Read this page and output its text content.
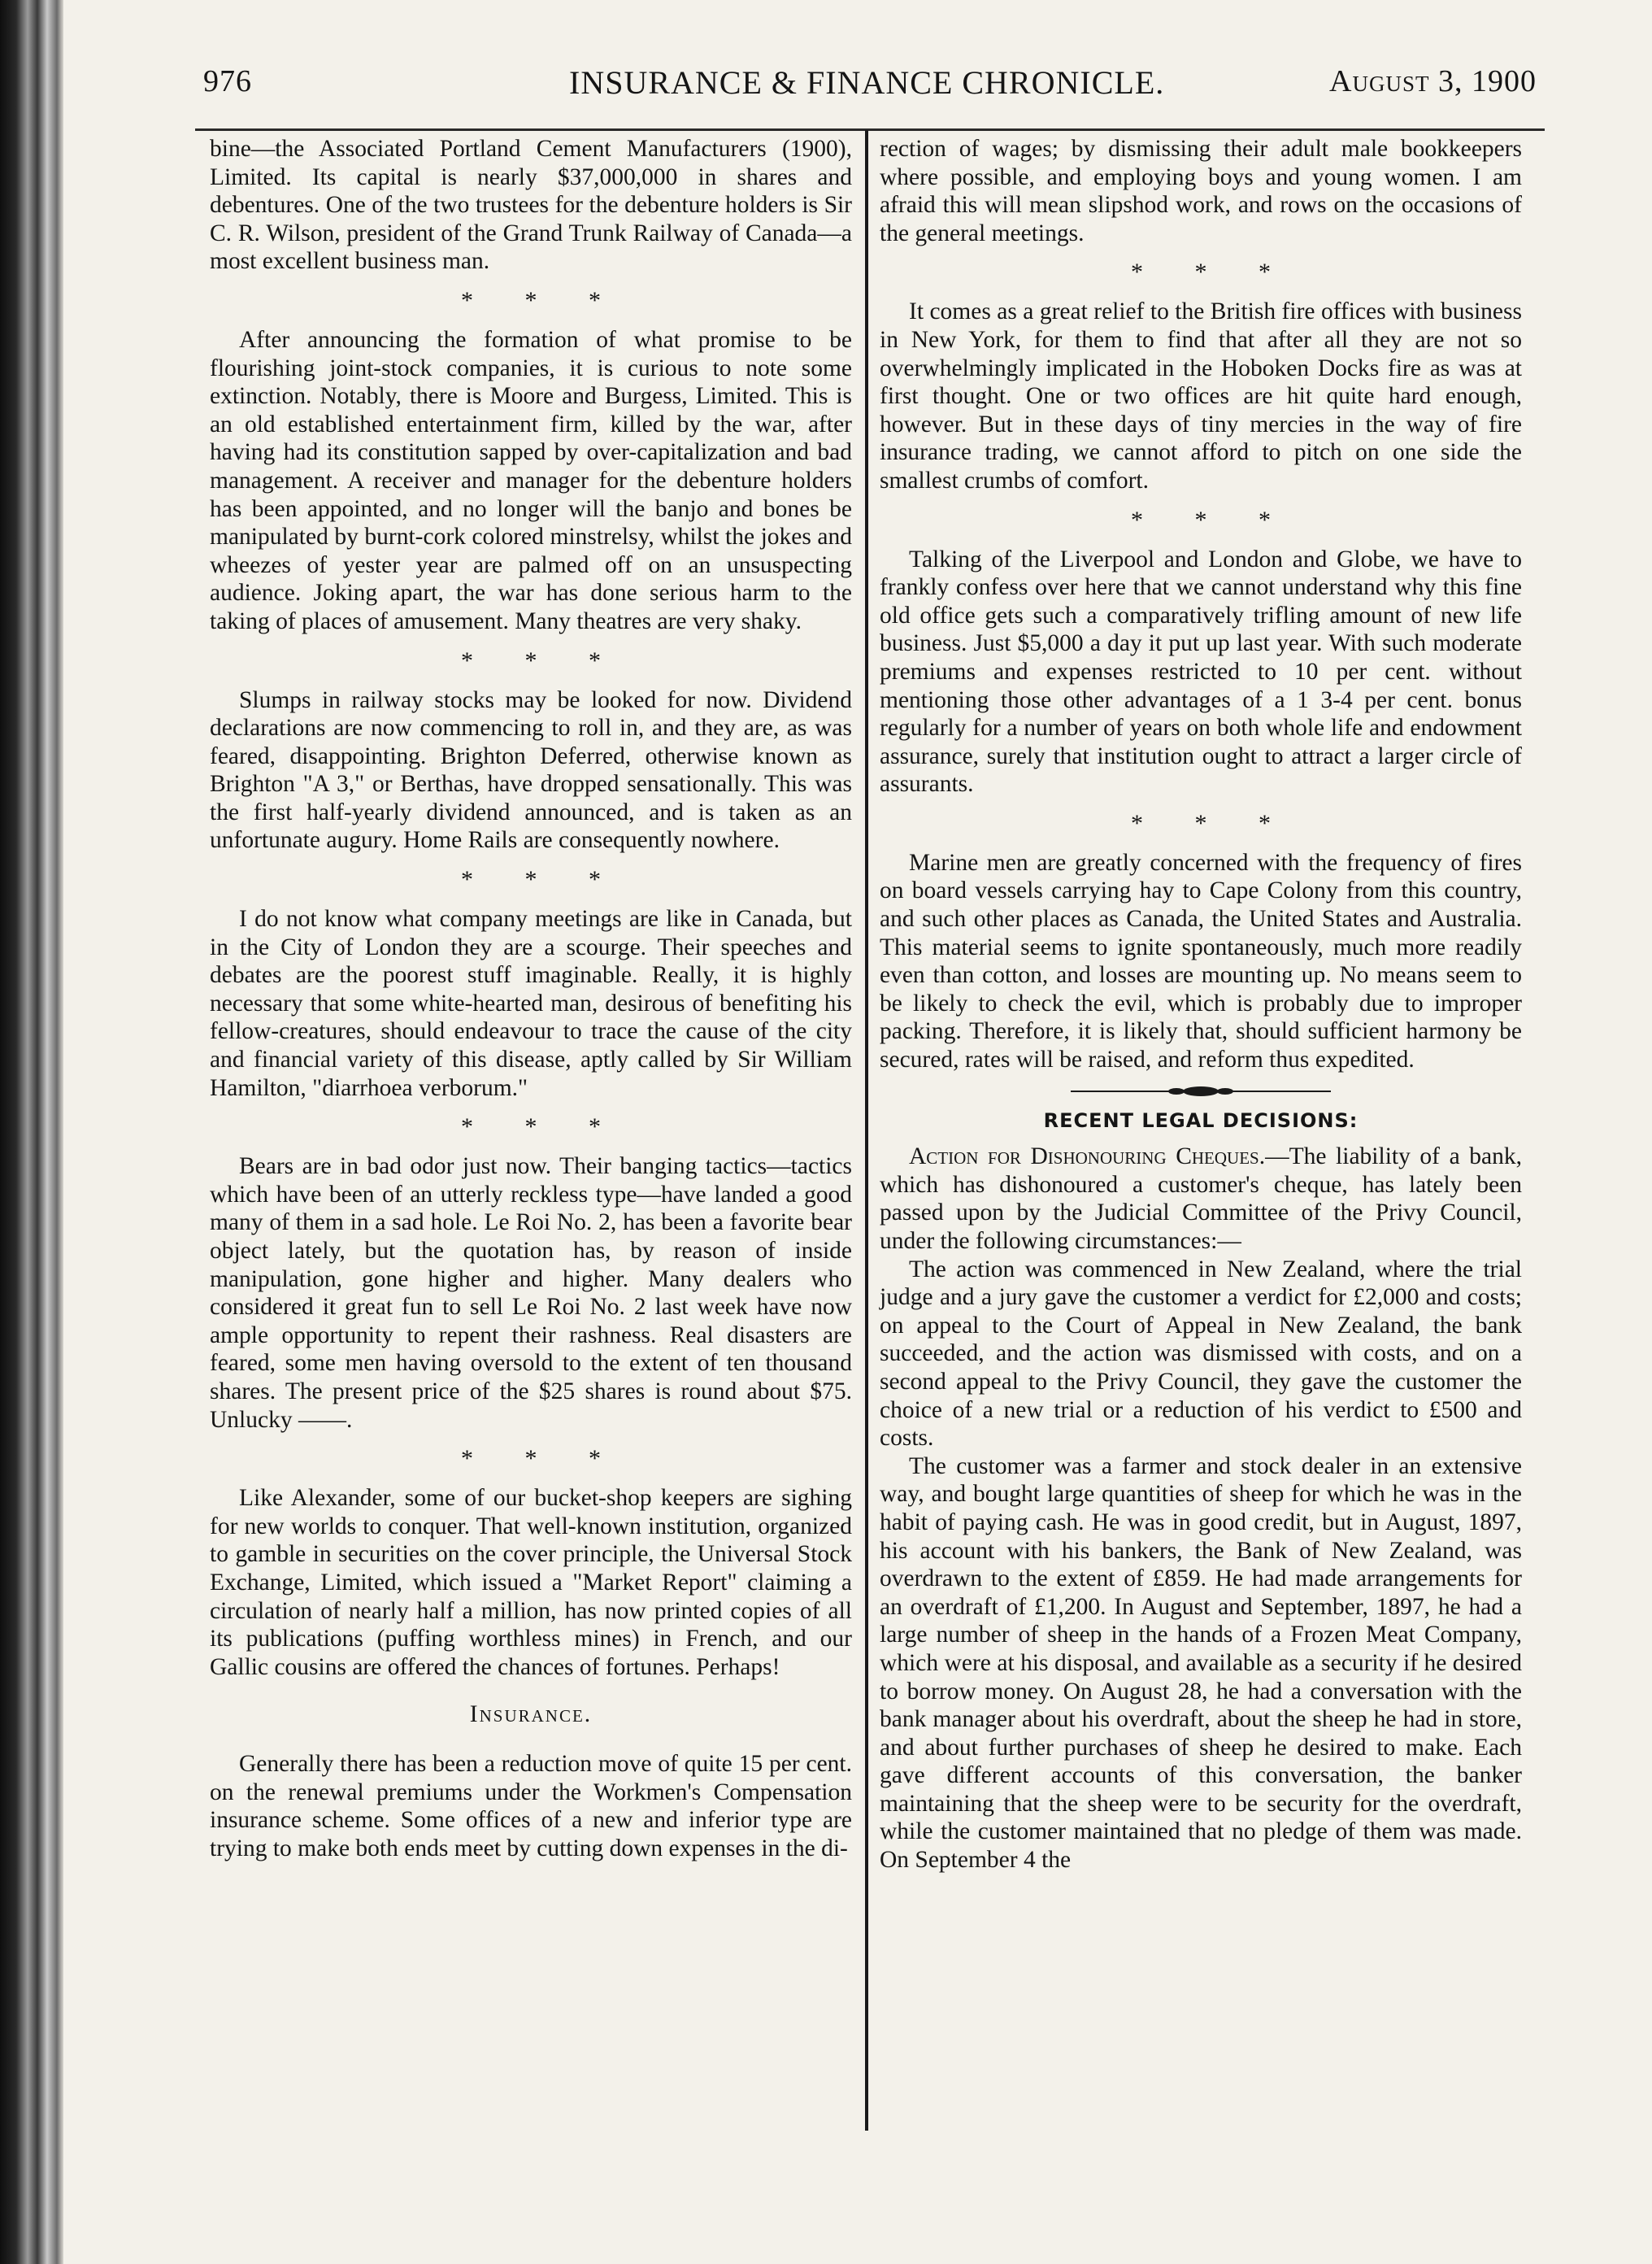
976	INSURANCE & FINANCE CHRONICLE.	August 3, 1900

bine—the Associated Portland Cement Manufacturers (1900), Limited. Its capital is nearly $37,000,000 in shares and debentures. One of the two trustees for the debenture holders is Sir C. R. Wilson, president of the Grand Trunk Railway of Canada—a most excellent business man.

* * *

After announcing the formation of what promise to be flourishing joint-stock companies, it is curious to note some extinction. Notably, there is Moore and Burgess, Limited. This is an old established entertainment firm, killed by the war, after having had its constitution sapped by over-capitalization and bad management. A receiver and manager for the debenture holders has been appointed, and no longer will the banjo and bones be manipulated by burnt-cork colored minstrelsy, whilst the jokes and wheezes of yester year are palmed off on an unsuspecting audience. Joking apart, the war has done serious harm to the taking of places of amusement. Many theatres are very shaky.

* * *

Slumps in railway stocks may be looked for now. Dividend declarations are now commencing to roll in, and they are, as was feared, disappointing. Brighton Deferred, otherwise known as Brighton "A 3," or Berthas, have dropped sensationally. This was the first half-yearly dividend announced, and is taken as an unfortunate augury. Home Rails are consequently nowhere.

* * *

I do not know what company meetings are like in Canada, but in the City of London they are a scourge. Their speeches and debates are the poorest stuff imaginable. Really, it is highly necessary that some white-hearted man, desirous of benefiting his fellow-creatures, should endeavour to trace the cause of the city and financial variety of this disease, aptly called by Sir William Hamilton, "diarrhoea verborum."

* * *

Bears are in bad odor just now. Their banging tactics—tactics which have been of an utterly reckless type—have landed a good many of them in a sad hole. Le Roi No. 2, has been a favorite bear object lately, but the quotation has, by reason of inside manipulation, gone higher and higher. Many dealers who considered it great fun to sell Le Roi No. 2 last week have now ample opportunity to repent their rashness. Real disasters are feared, some men having oversold to the extent of ten thousand shares. The present price of the $25 shares is round about $75. Unlucky ——.

* * *

Like Alexander, some of our bucket-shop keepers are sighing for new worlds to conquer. That well-known institution, organized to gamble in securities on the cover principle, the Universal Stock Exchange, Limited, which issued a "Market Report" claiming a circulation of nearly half a million, has now printed copies of all its publications (puffing worthless mines) in French, and our Gallic cousins are offered the chances of fortunes. Perhaps!

Insurance.

Generally there has been a reduction move of quite 15 per cent. on the renewal premiums under the Workmen's Compensation insurance scheme. Some offices of a new and inferior type are trying to make both ends meet by cutting down expenses in the di-

rection of wages; by dismissing their adult male bookkeepers where possible, and employing boys and young women. I am afraid this will mean slipshod work, and rows on the occasions of the general meetings.

* * *

It comes as a great relief to the British fire offices with business in New York, for them to find that after all they are not so overwhelmingly implicated in the Hoboken Docks fire as was at first thought. One or two offices are hit quite hard enough, however. But in these days of tiny mercies in the way of fire insurance trading, we cannot afford to pitch on one side the smallest crumbs of comfort.

* * *

Talking of the Liverpool and London and Globe, we have to frankly confess over here that we cannot understand why this fine old office gets such a comparatively trifling amount of new life business. Just $5,000 a day it put up last year. With such moderate premiums and expenses restricted to 10 per cent. without mentioning those other advantages of a 1 3-4 per cent. bonus regularly for a number of years on both whole life and endowment assurance, surely that institution ought to attract a larger circle of assurants.

* * *

Marine men are greatly concerned with the frequency of fires on board vessels carrying hay to Cape Colony from this country, and such other places as Canada, the United States and Australia. This material seems to ignite spontaneously, much more readily even than cotton, and losses are mounting up. No means seem to be likely to check the evil, which is probably due to improper packing. Therefore, it is likely that, should sufficient harmony be secured, rates will be raised, and reform thus expedited.

RECENT LEGAL DECISIONS:

Action for Dishonouring Cheques.—The liability of a bank, which has dishonoured a customer's cheque, has lately been passed upon by the Judicial Committee of the Privy Council, under the following circumstances:—

The action was commenced in New Zealand, where the trial judge and a jury gave the customer a verdict for £2,000 and costs; on appeal to the Court of Appeal in New Zealand, the bank succeeded, and the action was dismissed with costs, and on a second appeal to the Privy Council, they gave the customer the choice of a new trial or a reduction of his verdict to £500 and costs.

The customer was a farmer and stock dealer in an extensive way, and bought large quantities of sheep for which he was in the habit of paying cash. He was in good credit, but in August, 1897, his account with his bankers, the Bank of New Zealand, was overdrawn to the extent of £859. He had made arrangements for an overdraft of £1,200. In August and September, 1897, he had a large number of sheep in the hands of a Frozen Meat Company, which were at his disposal, and available as a security if he desired to borrow money. On August 28, he had a conversation with the bank manager about his overdraft, about the sheep he had in store, and about further purchases of sheep he desired to make. Each gave different accounts of this conversation, the banker maintaining that the sheep were to be security for the overdraft, while the customer maintained that no pledge of them was made. On September 4 the
